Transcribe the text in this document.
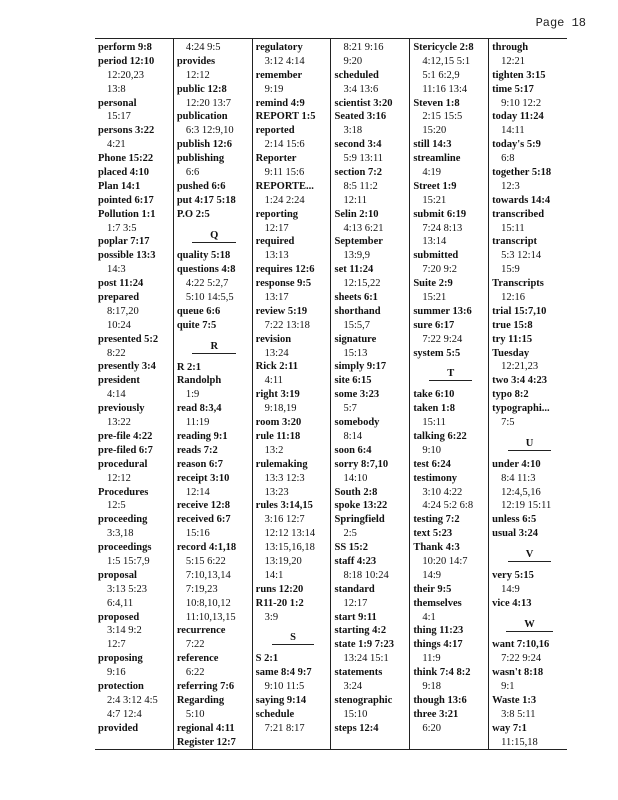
Page 18
perform 9:8
period 12:10
12:20,23
13:8
personal
15:17
persons 3:22
4:21
Phone 15:22
placed 4:10
Plan 14:1
pointed 6:17
Pollution 1:1
1:7 3:5
poplar 7:17
possible 13:3
14:3
post 11:24
prepared
8:17,20
10:24
presented 5:2
8:22
presently 3:4
president
4:14
previously
13:22
pre-file 4:22
pre-filed 6:7
procedural
12:12
Procedures
12:5
proceeding
3:3,18
proceedings
1:5 15:7,9
proposal
3:13 5:23
6:4,11
proposed
3:14 9:2
12:7
proposing
9:16
protection
2:4 3:12 4:5
4:7 12:4
provided
4:24 9:5
provides
12:12
public 12:8
12:20 13:7
publication
6:3 12:9,10
publish 12:6
publishing
6:6
pushed 6:6
put 4:17 5:18
P.O 2:5
Q
quality 5:18
questions 4:8
4:22 5:2,7
5:10 14:5,5
queue 6:6
quite 7:5
R
R 2:1
Randolph
1:9
read 8:3,4
11:19
reading 9:1
reads 7:2
reason 6:7
receipt 3:10
12:14
receive 12:8
received 6:7
15:16
record 4:1,18
5:15 6:22
7:10,13,14
7:19,23
10:8,10,12
11:10,13,15
recurrence
7:22
reference
6:22
referring 7:6
Regarding
5:10
regional 4:11
Register 12:7
regulatory
3:12 4:14
remember
9:19
remind 4:9
REPORT 1:5
reported
2:14 15:6
Reporter
9:11 15:6
REPORTE...
1:24 2:24
reporting
12:17
required
13:13
requires 12:6
response 9:5
13:17
review 5:19
7:22 13:18
revision
13:24
Rick 2:11
4:11
right 3:19
9:18,19
room 3:20
rule 11:18
13:2
rulemaking
13:3 12:3
13:23
rules 3:14,15
3:16 12:7
12:12 13:14
13:15,16,18
13:19,20
14:1
runs 12:20
R11-20 1:2
3:9
S
S 2:1
same 8:4 9:7
9:10 11:5
saying 9:14
schedule
7:21 8:17
8:21 9:16
9:20
scheduled
3:4 13:6
scientist 3:20
Seated 3:16
3:18
second 3:4
5:9 13:11
section 7:2
8:5 11:2
12:11
Selin 2:10
4:13 6:21
September
13:9,9
set 11:24
12:15,22
sheets 6:1
shorthand
15:5,7
signature
15:13
simply 9:17
site 6:15
some 3:23
5:7
somebody
8:14
soon 6:4
sorry 8:7,10
14:10
South 2:8
spoke 13:22
Springfield
2:5
SS 15:2
staff 4:23
8:18 10:24
standard
12:17
start 9:11
starting 4:2
state 1:9 7:23
13:24 15:1
statements
3:24
stenographic
15:10
steps 12:4
Stericycle 2:8
4:12,15 5:1
5:1 6:2,9
11:16 13:4
Steven 1:8
2:15 15:5
15:20
still 14:3
streamline
4:19
Street 1:9
15:21
submit 6:19
7:24 8:13
13:14
submitted
7:20 9:2
Suite 2:9
15:21
summer 13:6
sure 6:17
7:22 9:24
system 5:5
T
take 6:10
taken 1:8
15:11
talking 6:22
9:10
test 6:24
testimony
3:10 4:22
4:24 5:2 6:8
testing 7:2
text 5:23
Thank 4:3
10:20 14:7
14:9
their 9:5
themselves
4:1
thing 11:23
things 4:17
11:9
think 7:4 8:2
9:18
though 13:6
three 3:21
6:20
through
12:21
tighten 3:15
time 5:17
9:10 12:2
today 11:24
14:11
today's 5:9
6:8
together 5:18
12:3
towards 14:4
transcribed
15:11
transcript
5:3 12:14
15:9
Transcripts
12:16
trial 15:7,10
true 15:8
try 11:15
Tuesday
12:21,23
two 3:4 4:23
typo 8:2
typographi...
7:5
U
under 4:10
8:4 11:3
12:4,5,16
12:19 15:11
unless 6:5
usual 3:24
V
very 5:15
14:9
vice 4:13
W
want 7:10,16
7:22 9:24
wasn't 8:18
9:1
Waste 1:3
3:8 5:11
way 7:1
11:15,18
